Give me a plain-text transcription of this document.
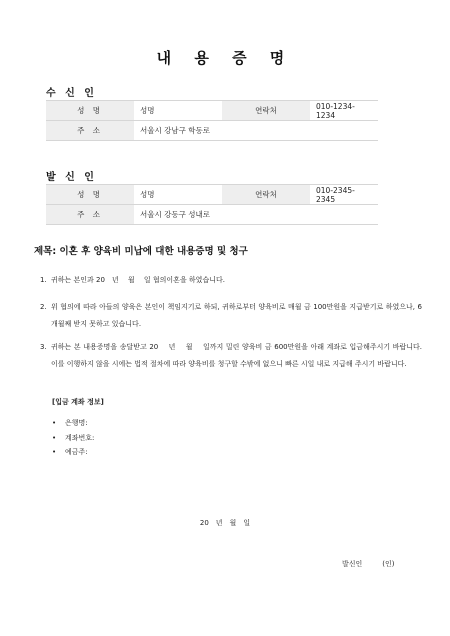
내 용 증 명
수 신 인
성 명	성명	연락처	010-1234-1234
주 소	서울시 강남구 학동로		
발 신 인
성 명	성명	연락처	010-2345-2345
주 소	서울시 강동구 성내로		
제목: 이혼 후 양육비 미납에 대한 내용증명 및 청구
1. 귀하는 본인과 20　년　 월　 일 협의이혼을 하였습니다.
2. 위 협의에 따라 아들의 양육은 본인이 책임지기로 하되, 귀하로부터 양육비로 매월 금 100만원을 지급받기로 하였으나, 6개월째 받지 못하고 있습니다.
3. 귀하는 본 내용증명을 송달받고 20　 년　 월　 일까지 밀린 양육비 금 600만원을 아래 계좌로 입금해주시기 바랍니다. 이를 이행하지 않을 시에는 법적 절차에 따라 양육비를 청구할 수밖에 없으니 빠른 시일 내로 지급해 주시기 바랍니다.
[입금 계좌 정보]
• 은행명:
• 계좌번호:
• 예금주:
20　년　월　일
발신인	(인)
